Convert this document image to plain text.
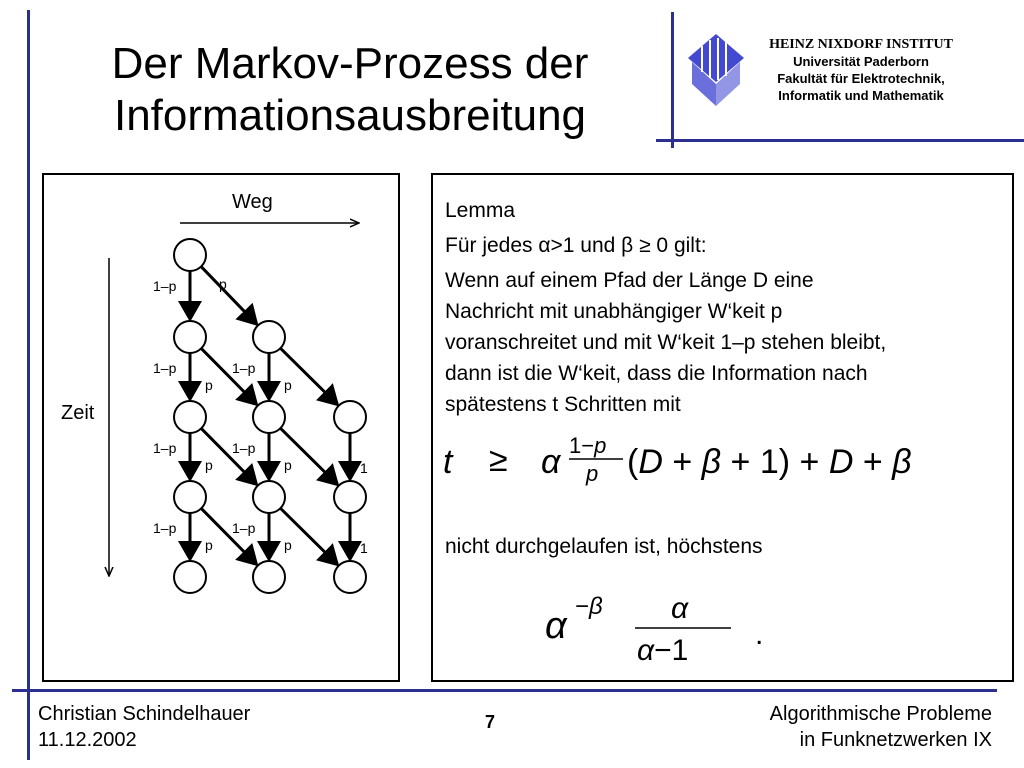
Der Markov-Prozess der
Informationsausbreitung
HEINZ NIXDORF INSTITUT
Universität Paderborn
Fakultät für Elektrotechnik,
Informatik und Mathematik
Weg
Zeit
1–p	p
1–p
p
1–p
p
1–p
p
1–p
p	1
1–p
p
1–p
p	1

Lemma

Für jedes α>1 und β ≥ 0 gilt:

Wenn auf einem Pfad der Länge D eine

Nachricht mit unabhängiger W‘keit p

voranschreitet und mit W‘keit 1–p stehen bleibt,

dann ist die W‘keit, dass die Information nach

spätestens t Schritten mit

t ≥ α 1−p
p (D + β + 1) + D + β
nicht durchgelaufen ist, höchstens
α −β α
α−1 .
Christian Schindelhauer
11.12.2002
7	Algorithmische Probleme
in Funknetzwerken IX
